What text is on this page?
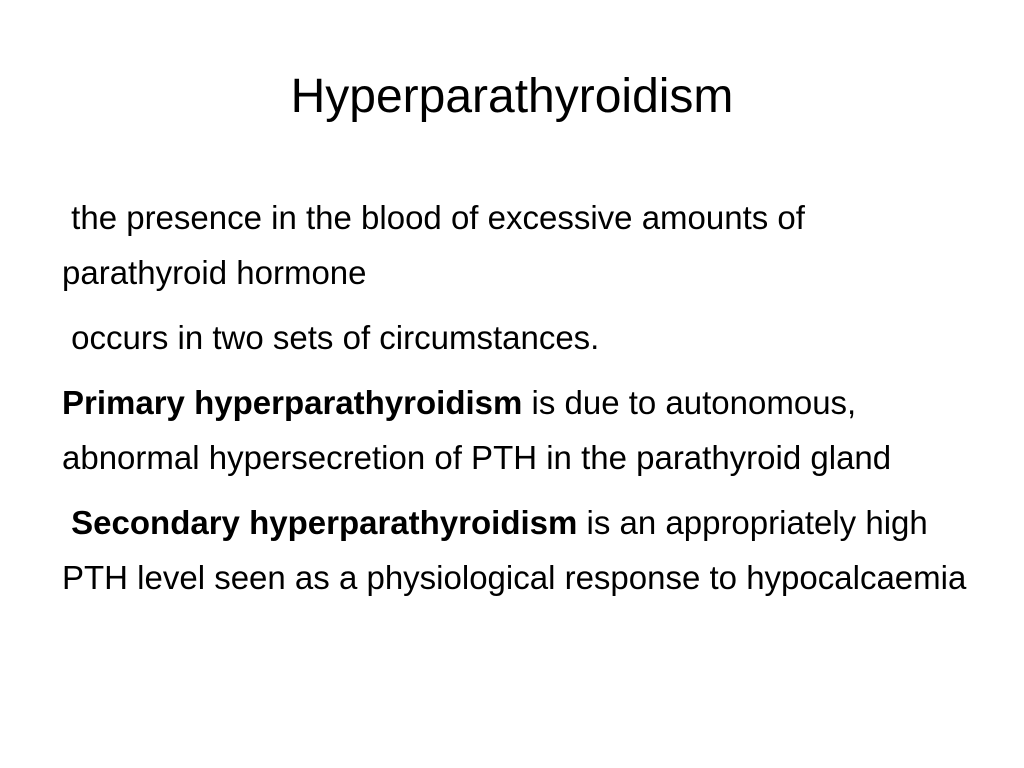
Hyperparathyroidism

the presence in the blood of excessive amounts of parathyroid hormone

occurs in two sets of circumstances.

Primary hyperparathyroidism is due to autonomous, abnormal hypersecretion of PTH in the parathyroid gland

Secondary hyperparathyroidism is an appropriately high PTH level seen as a physiological response to hypocalcaemia
